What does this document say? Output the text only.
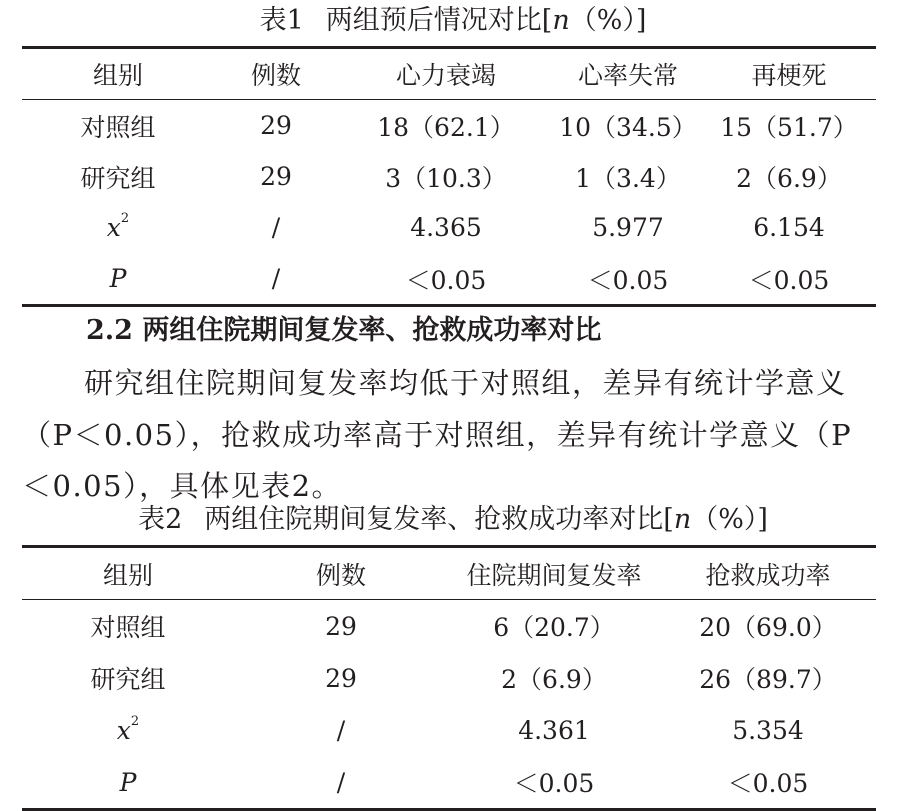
表1 两组预后情况对比[n（%）]
组别	例数	心力衰竭	心率失常	再梗死
对照组	29	18（62.1）	10（34.5）	15（51.7）
研究组	29	3（10.3）	1（3.4）	2（6.9）
$x^2$	/	4.365	5.977	6.154
P	/	＜0.05	＜0.05	＜0.05
2.2 两组住院期间复发率、抢救成功率对比
研究组住院期间复发率均低于对照组，差异有统计学意义（P＜0.05），抢救成功率高于对照组，差异有统计学意义（P＜0.05），具体见表2。
表2 两组住院期间复发率、抢救成功率对比[n（%）]
组别	例数	住院期间复发率	抢救成功率
对照组	29	6（20.7）	20（69.0）
研究组	29	2（6.9）	26（89.7）
$x^2$	/	4.361	5.354
P	/	＜0.05	＜0.05
